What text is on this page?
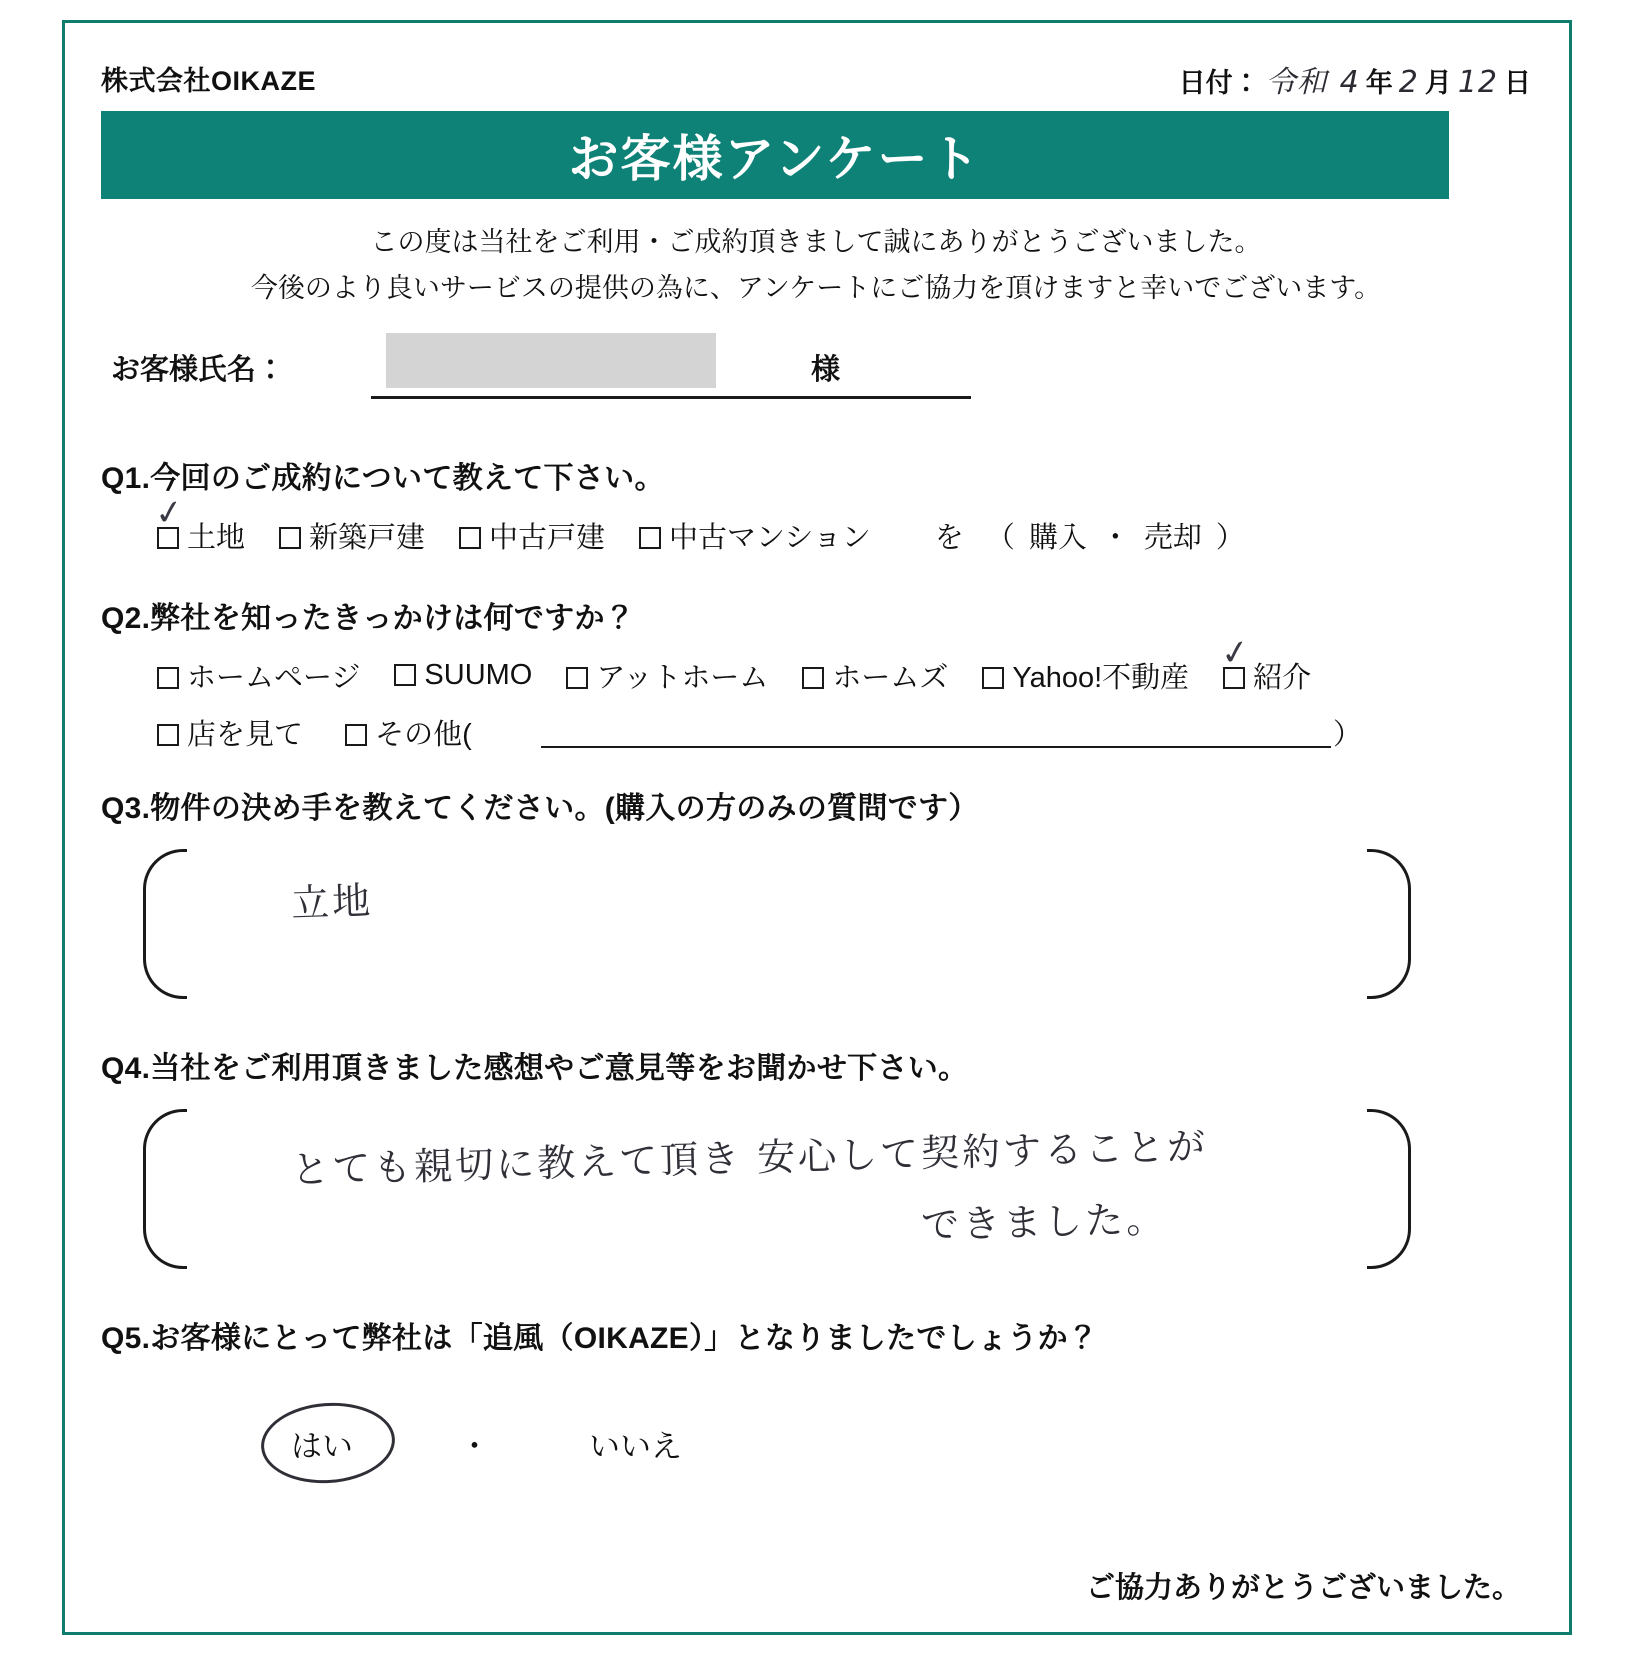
株式会社OIKAZE	日付： 令和 4 年 2 月 12 日
お客様アンケート
この度は当社をご利用・ご成約頂きまして誠にありがとうございました。
今後のより良いサービスの提供の為に、アンケートにご協力を頂けますと幸いでございます。
お客様氏名：	様
Q1.今回のご成約について教えて下さい。
✓
土地	新築戸建	中古戸建	中古マンション を （ 購入 ・ 売却 ）
Q2.弊社を知ったきっかけは何ですか？
ホームページ	SUUMO	アットホーム	ホームズ	Yahoo!不動産
✓
紹介
店を見て その他(	）
Q3.物件の決め手を教えてください。(購入の方のみの質問です）
立地
Q4.当社をご利用頂きました感想やご意見等をお聞かせ下さい。
とても親切に教えて頂き 安心して契約することが
できました。
Q5.お客様にとって弊社は「追風（OIKAZE）」となりましたでしょうか？
はい	・	いいえ
ご協力ありがとうございました。
